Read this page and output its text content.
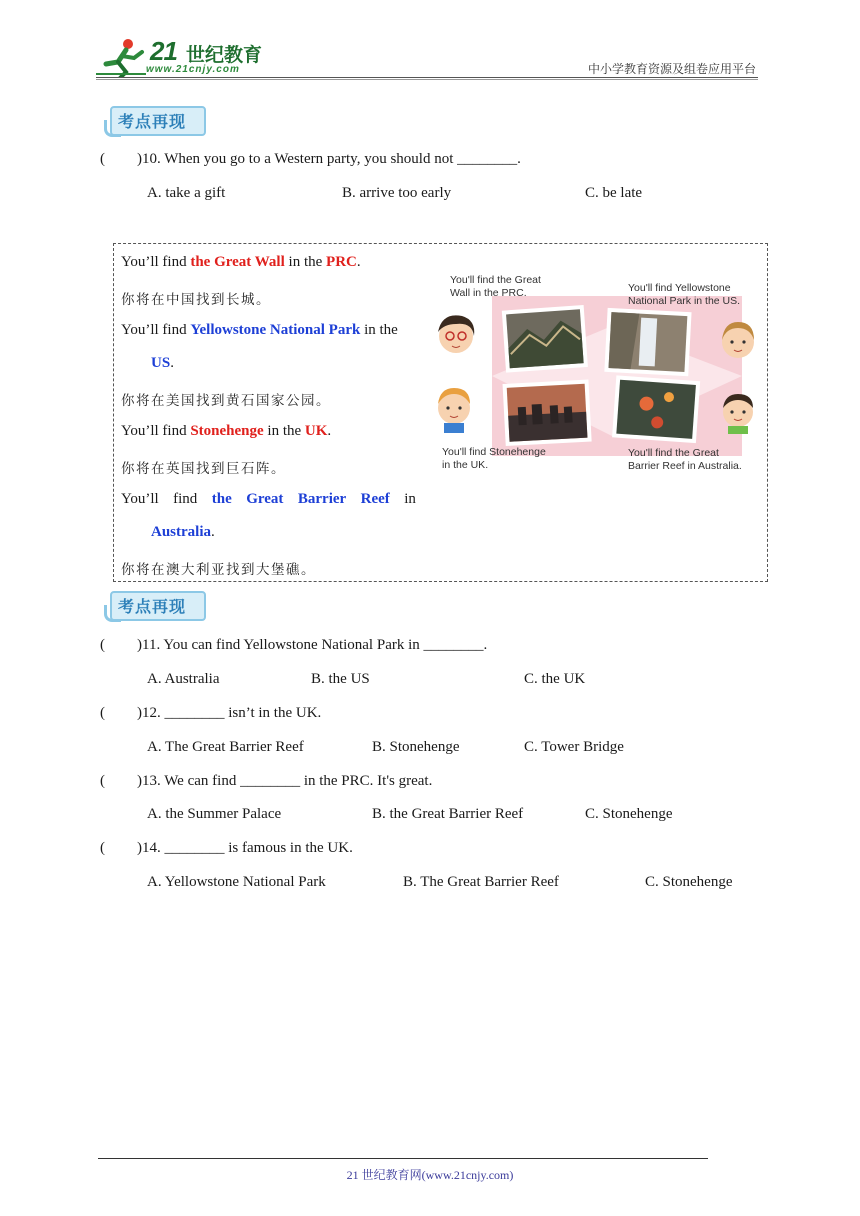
21 世纪教育
www.21cnjy.com	中小学教育资源及组卷应用平台
考点再现
( )10. When you go to a Western party, you should not ________.
A. take a gift	B. arrive too early	C. be late
You’ll find the Great Wall in the PRC.
你将在中国找到长城。
You’ll find Yellowstone National Park in the
US.
你将在美国找到黄石国家公园。
You’ll find Stonehenge in the UK.
你将在英国找到巨石阵。
You’ll find the Great Barrier Reef in
Australia.
你将在澳大利亚找到大堡礁。
You'll find the Great
Wall in the PRC.	You'll find Yellowstone
National Park in the US.
You'll find Stonehenge
in the UK.
You'll find the Great
Barrier Reef in Australia.
考点再现
( )11. You can find Yellowstone National Park in ________.
A. Australia	B. the US	C. the UK
( )12. ________ isn’t in the UK.
A. The Great Barrier Reef	B. Stonehenge	C. Tower Bridge
( )13. We can find ________ in the PRC. It's great.
A. the Summer Palace	B. the Great Barrier Reef	C. Stonehenge
( )14. ________ is famous in the UK.
A. Yellowstone National Park	B. The Great Barrier Reef	C. Stonehenge
21 世纪教育网(www.21cnjy.com)
